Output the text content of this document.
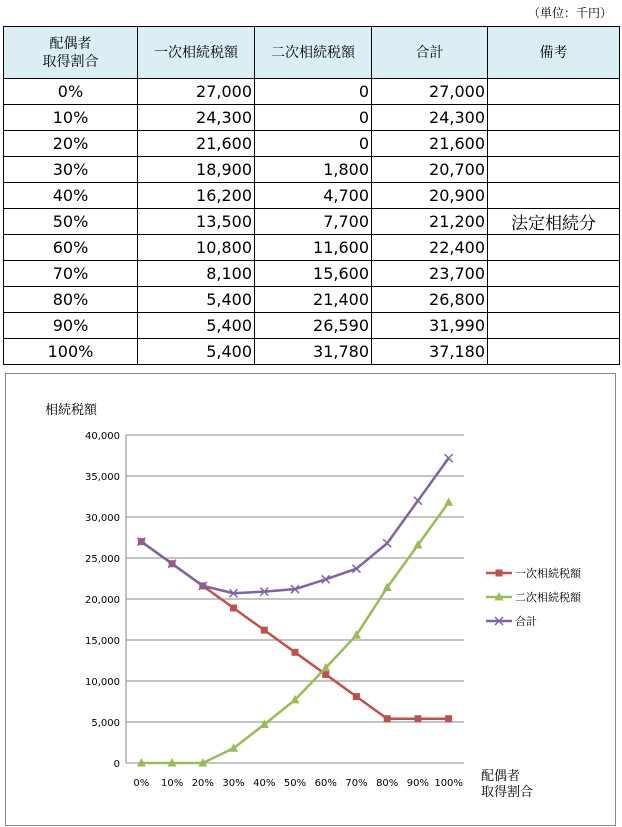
（単位：千円）
配偶者
取得割合	一次相続税額	二次相続税額	合計	備考
0%	27,000	0	27,000	
10%	24,300	0	24,300	
20%	21,600	0	21,600	
30%	18,900	1,800	20,700	
40%	16,200	4,700	20,900	
50%	13,500	7,700	21,200	法定相続分
60%	10,800	11,600	22,400	
70%	8,100	15,600	23,700	
80%	5,400	21,400	26,800	
90%	5,400	26,590	31,990	
100%	5,400	31,780	37,180	
0
5,000
10,000
15,000
20,000
25,000
30,000
35,000
40,000
0% 10% 20% 30% 40% 50% 60% 70% 80% 90% 100%
相続税額
配偶者取得割合
一次相続税額
二次相続税額
合計
